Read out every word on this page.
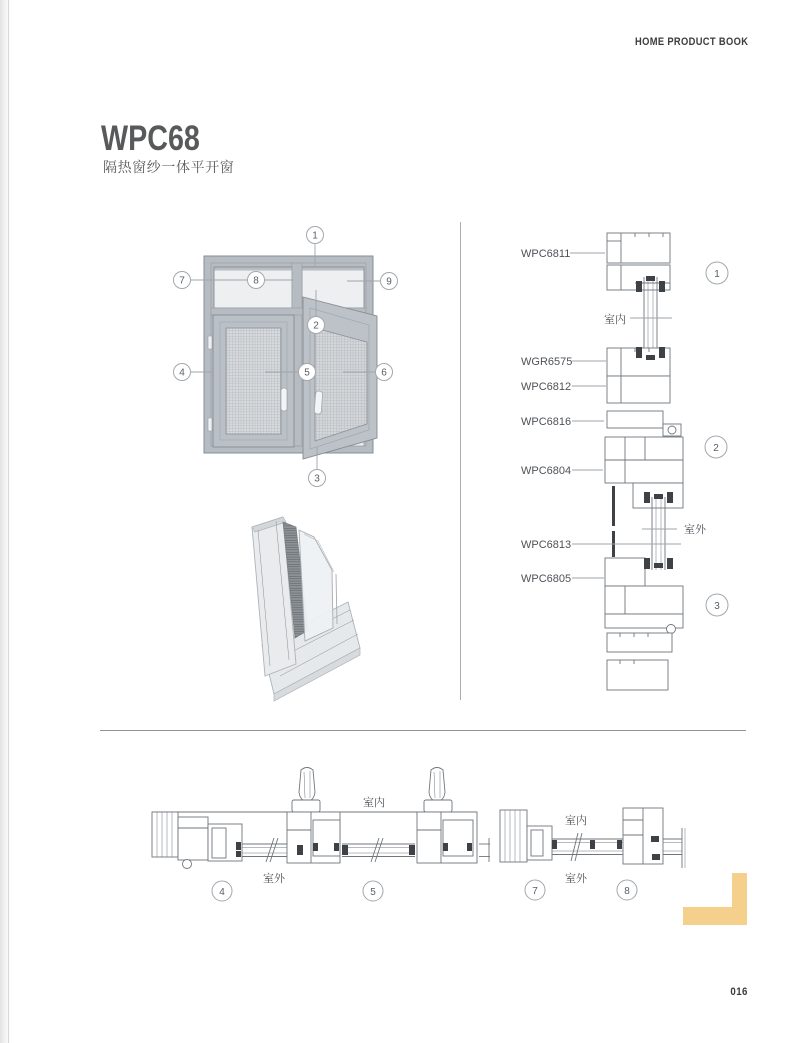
HOME PRODUCT BOOK
WPC68
隔热窗纱一体平开窗
1
2
3
4	5	6
7	8	9
WPC6811
WGR6575
WPC6812
WPC6816
WPC6804
WPC6813
WPC6805
室内
室外
1
2
3
室内
室外
4	5
室内
室外
7	8
016
